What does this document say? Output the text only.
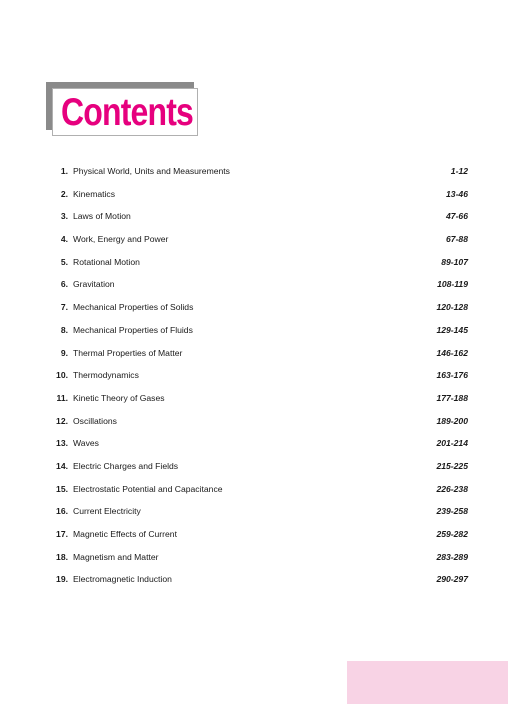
Contents
1. Physical World, Units and Measurements	1-12
2. Kinematics	13-46
3. Laws of Motion	47-66
4. Work, Energy and Power	67-88
5. Rotational Motion	89-107
6. Gravitation	108-119
7. Mechanical Properties of Solids	120-128
8. Mechanical Properties of Fluids	129-145
9. Thermal Properties of Matter	146-162
10. Thermodynamics	163-176
11. Kinetic Theory of Gases	177-188
12. Oscillations	189-200
13. Waves	201-214
14. Electric Charges and Fields	215-225
15. Electrostatic Potential and Capacitance	226-238
16. Current Electricity	239-258
17. Magnetic Effects of Current	259-282
18. Magnetism and Matter	283-289
19. Electromagnetic Induction	290-297
